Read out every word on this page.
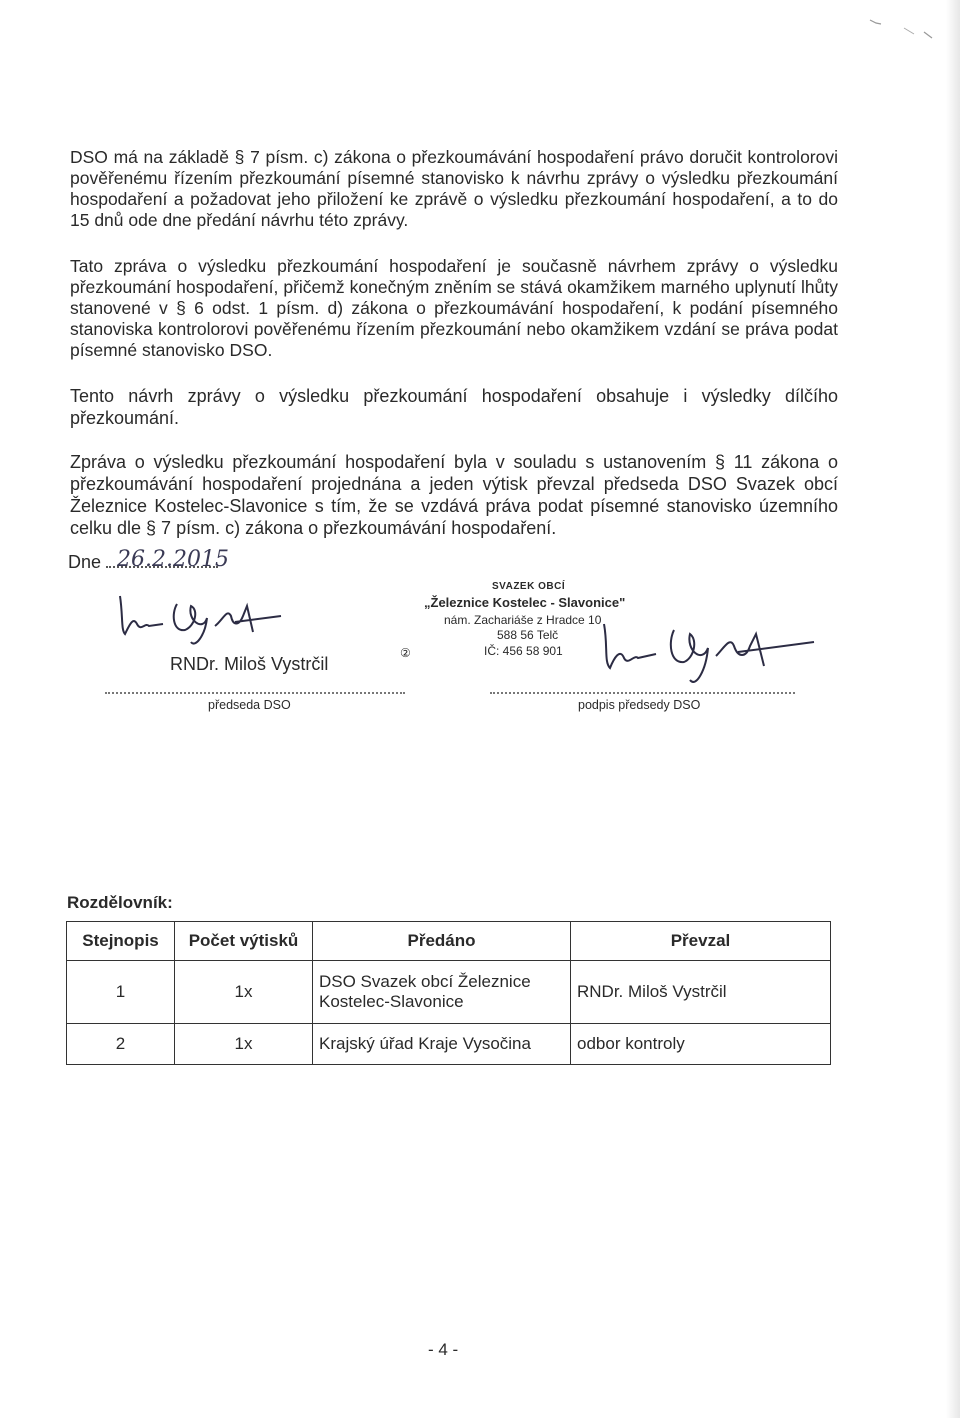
DSO má na základě § 7 písm. c) zákona o přezkoumávání hospodaření právo doručit kontrolorovi pověřenému řízením přezkoumání písemné stanovisko k návrhu zprávy o výsledku přezkoumání hospodaření a požadovat jeho přiložení ke zprávě o výsledku přezkoumání hospodaření, a to do 15 dnů ode dne předání návrhu této zprávy.

Tato zpráva o výsledku přezkoumání hospodaření je současně návrhem zprávy o výsledku přezkoumání hospodaření, přičemž konečným zněním se stává okamžikem marného uplynutí lhůty stanovené v § 6 odst. 1 písm. d) zákona o přezkoumávání hospodaření, k podání písemného stanoviska kontrolorovi pověřenému řízením přezkoumání nebo okamžikem vzdání se práva podat písemné stanovisko DSO.

Tento návrh zprávy o výsledku přezkoumání hospodaření obsahuje i výsledky dílčího přezkoumání.

Zpráva o výsledku přezkoumání hospodaření byla v souladu s ustanovením § 11 zákona o přezkoumávání hospodaření projednána a jeden výtisk převzal předseda DSO Svazek obcí Železnice Kostelec-Slavonice s tím, že se vzdává práva podat písemné stanovisko územního celku dle § 7 písm. c) zákona o přezkoumávání hospodaření.

Dne 26.2.2015
RNDr. Miloš Vystrčil
předseda DSO
SVAZEK OBCÍ
„Železnice Kostelec - Slavonice"
nám. Zachariáše z Hradce 10
588 56 Telč
IČ: 456 58 901
②
podpis předsedy DSO
Rozdělovník:
Stejnopis	Počet výtisků	Předáno	Převzal
1	1x	DSO Svazek obcí Železnice Kostelec-Slavonice	RNDr. Miloš Vystrčil
2	1x	Krajský úřad Kraje Vysočina	odbor kontroly
- 4 -
